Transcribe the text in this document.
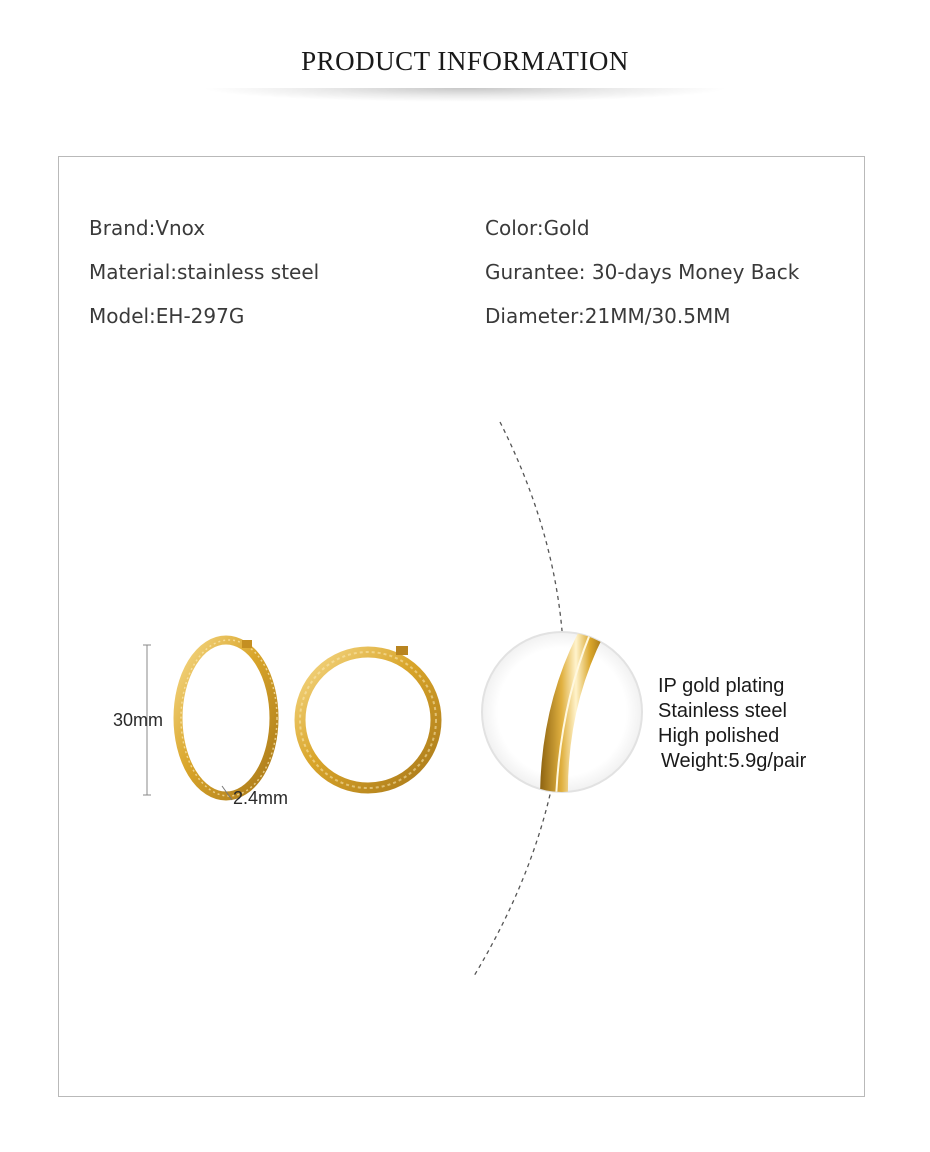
PRODUCT INFORMATION
Brand:Vnox
Material:stainless steel
Model:EH-297G
Color:Gold
Gurantee: 30-days Money Back
Diameter:21MM/30.5MM
30mm
2.4mm
IP gold plating
Stainless steel
High polished
Weight:5.9g/pair
